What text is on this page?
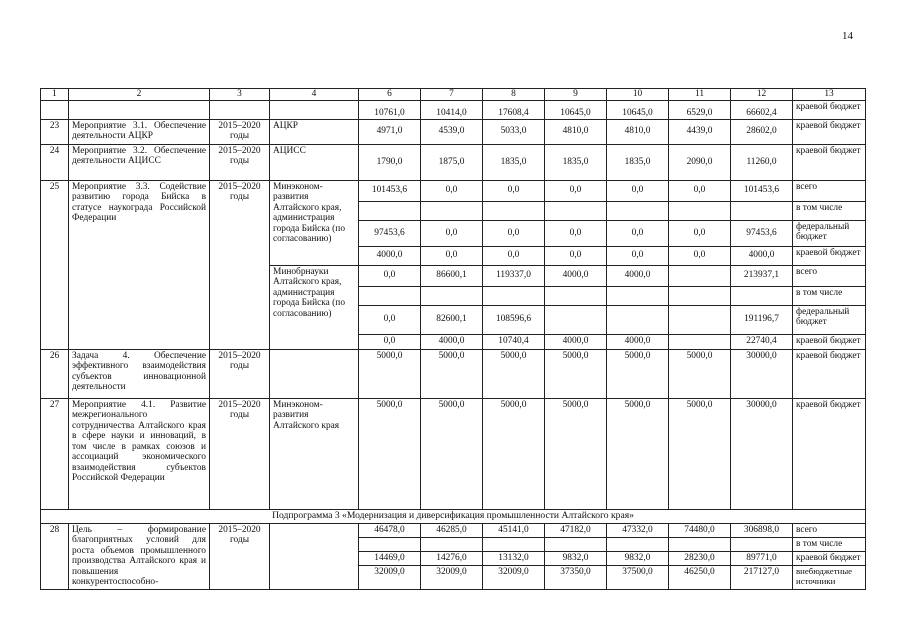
14
1	2	3	4	6	7	8	9	10	11	12	13
				10761,0	10414,0	17608,4	10645,0	10645,0	6529,0	66602,4	краевой бюджет
23	Мероприятие 3.1. Обеспечение деятельности АЦКР	2015–2020 годы	АЦКР	4971,0	4539,0	5033,0	4810,0	4810,0	4439,0	28602,0	краевой бюджет
24	Мероприятие 3.2. Обеспечение деятельности АЦИСС	2015–2020 годы	АЦИСС	1790,0	1875,0	1835,0	1835,0	1835,0	2090,0	11260,0	краевой бюджет
25	Мероприятие 3.3. Содействие развитию города Бийска в статусе наукограда Российской Федерации	2015–2020 годы	Минэконом-развития Алтайского края, администрация города Бийска (по согласованию)	101453,6	0,0	0,0	0,0	0,0	0,0	101453,6	всего
											в том числе
				97453,6	0,0	0,0	0,0	0,0	0,0	97453,6	федеральный бюджет
				4000,0	0,0	0,0	0,0	0,0	0,0	4000,0	краевой бюджет
			Минобрнауки Алтайского края, администрация города Бийска (по согласованию)	0,0	86600,1	119337,0	4000,0	4000,0		213937,1	всего
											в том числе
				0,0	82600,1	108596,6				191196,7	федеральный бюджет
				0,0	4000,0	10740,4	4000,0	4000,0		22740,4	краевой бюджет
26	Задача 4. Обеспечение эффективного взаимодействия субъектов инновационной деятельности	2015–2020 годы		5000,0	5000,0	5000,0	5000,0	5000,0	5000,0	30000,0	краевой бюджет
27	Мероприятие 4.1. Развитие межрегионального сотрудничества Алтайского края в сфере науки и инноваций, в том числе в рамках союзов и ассоциаций экономического взаимодействия субъектов Российской Федерации	2015–2020 годы	Минэконом-развития Алтайского края	5000,0	5000,0	5000,0	5000,0	5000,0	5000,0	30000,0	краевой бюджет
Подпрограмма 3 «Модернизация и диверсификация промышленности Алтайского края»											
28	Цель – формирование благоприятных условий для роста объемов промышленного производства Алтайского края и повышения конкурентоспособно-	2015–2020 годы		46478,0	46285,0	45141,0	47182,0	47332,0	74480,0	306898,0	всего
											в том числе
				14469,0	14276,0	13132,0	9832,0	9832,0	28230,0	89771,0	краевой бюджет
				32009,0	32009,0	32009,0	37350,0	37500,0	46250,0	217127,0	внебюджетные источники
